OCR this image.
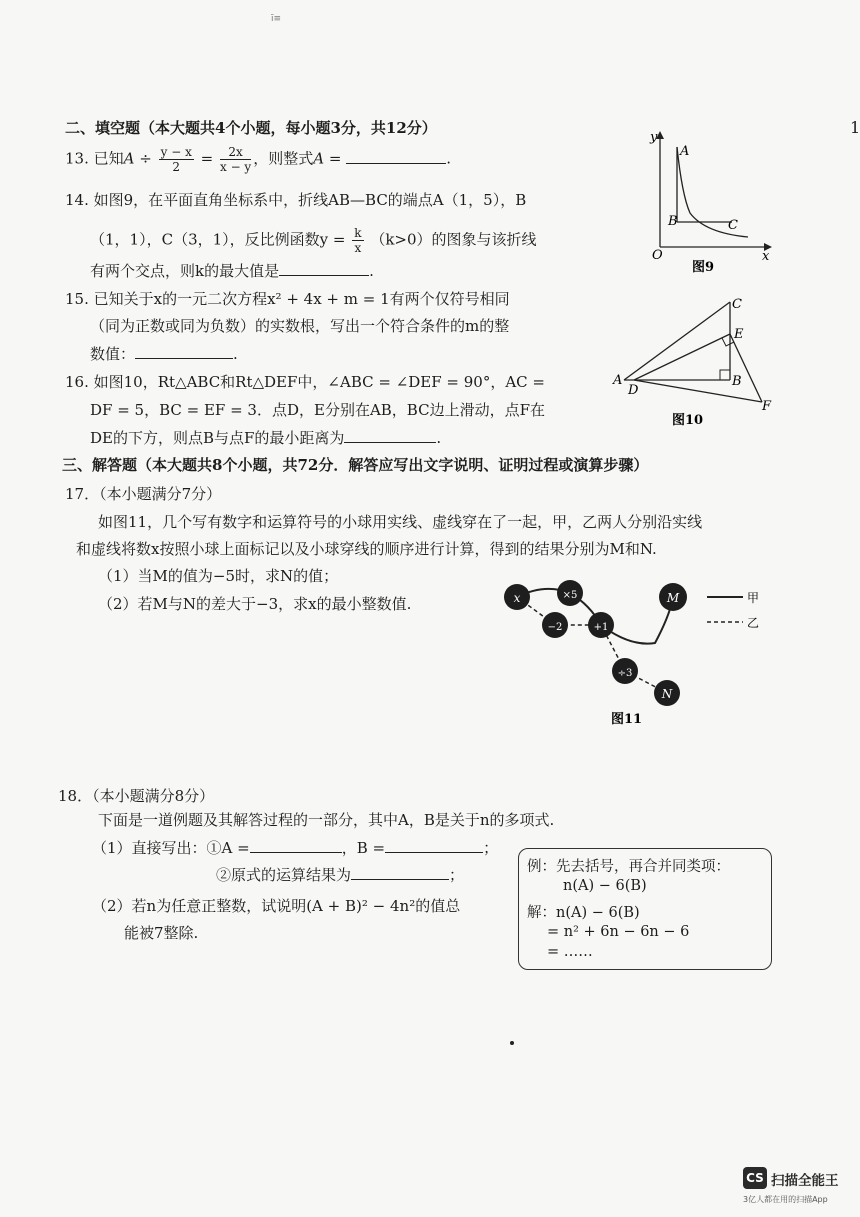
ī≡
1
二、填空题（本大题共4个小题，每小题3分，共12分）
13. 已知$A \div \frac{y - x}{2} = \frac{2x}{x - y}$ ，则整式A =	.
14. 如图9，在平面直角坐标系中，折线AB—BC的端点A（1，5），B
（1，1），C（3，1），反比例函数$y = \frac{k}{x} (k>0)$的图象与该折线
有两个交点，则k的最大值是	.
15. 已知关于x的一元二次方程x² + 4x + m = 1有两个仅符号相同
（同为正数或同为负数）的实数根，写出一个符合条件的m的整
数值：	.
16. 如图10，Rt△ABC和Rt△DEF中，∠ABC = ∠DEF = 90°，AC =
DF = 5，BC = EF = 3．点D，E分别在AB，BC边上滑动，点F在
DE的下方，则点B与点F的最小距离为	.
y
O	x
A
B	C
图9
C
E
A
D
B
F
图10
三、解答题（本大题共8个小题，共72分．解答应写出文字说明、证明过程或演算步骤）
17．（本小题满分7分）
如图11，几个写有数字和运算符号的小球用实线、虚线穿在了一起，甲，乙两人分别沿实线
和虚线将数x按照小球上面标记以及小球穿线的顺序进行计算，得到的结果分别为M和N.
（1）当M的值为−5时，求N的值；
（2）若M与N的差大于−3，求x的最小整数值.	x	×5
−2	+1
M
÷3
N
甲
乙
图11
18．（本小题满分8分）
下面是一道例题及其解答过程的一部分，其中A，B是关于n的多项式.
（1）直接写出：①A =	，B =	；
②原式的运算结果为	；
（2）若n为任意正整数，试说明(A + B)² − 4n²的值总
能被7整除.
例：先去括号，再合并同类项：
n(A) − 6(B)
解：n(A) − 6(B)
= n² + 6n − 6n − 6
= ……
CS 扫描全能王
3亿人都在用的扫描App
